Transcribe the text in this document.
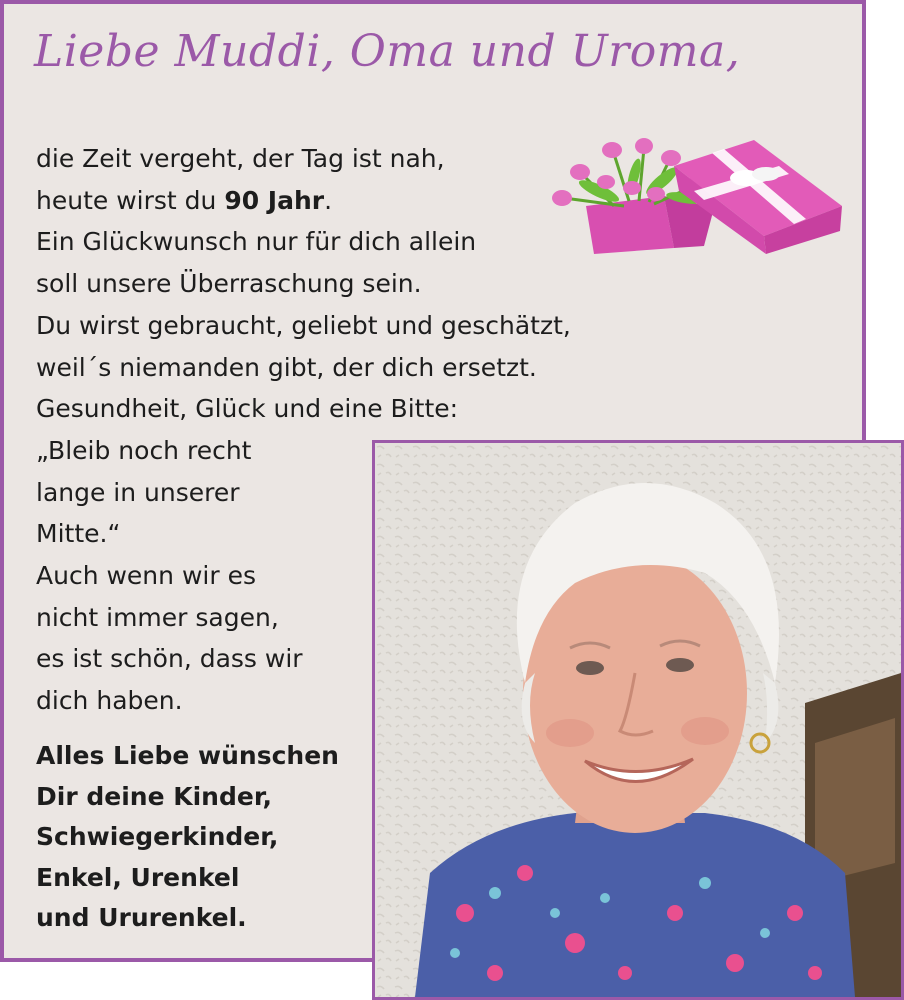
Liebe Muddi, Oma und Uroma,
die Zeit vergeht, der Tag ist nah,
heute wirst du 90 Jahr.
Ein Glückwunsch nur für dich allein
soll unsere Überraschung sein.
Du wirst gebraucht, geliebt und geschätzt,
weil´s niemanden gibt, der dich ersetzt.
Gesundheit, Glück und eine Bitte:
„Bleib noch recht
lange in unserer
Mitte.“
Auch wenn wir es
nicht immer sagen,
es ist schön, dass wir
dich haben.
Alles Liebe wünschen
Dir deine Kinder,
Schwiegerkinder,
Enkel, Urenkel
und Ururenkel.
